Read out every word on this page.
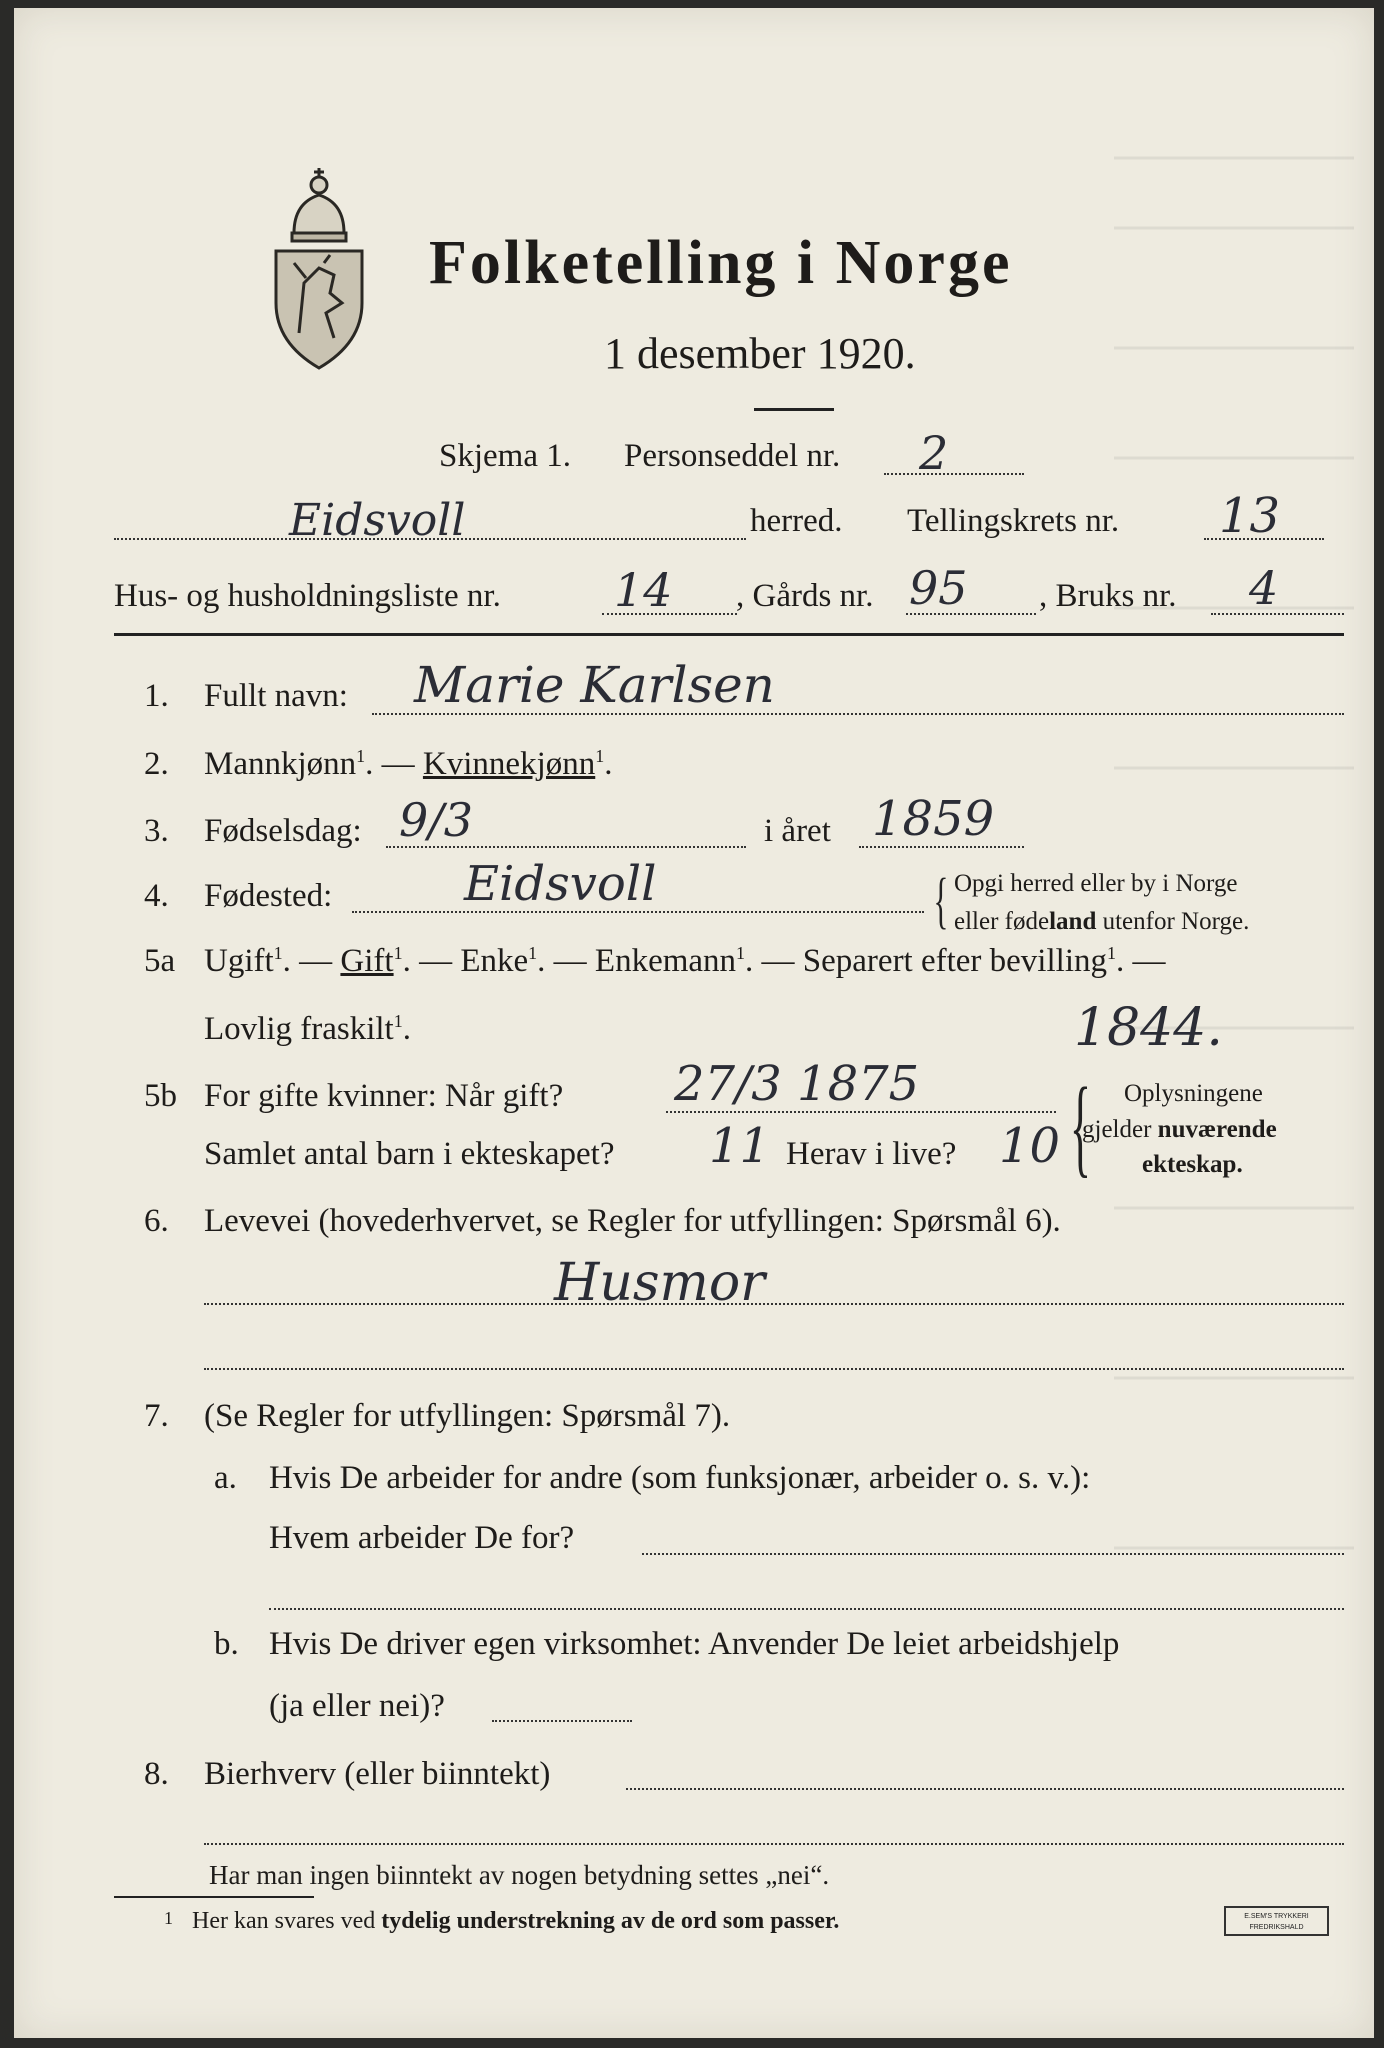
Folketelling i Norge
1 desember 1920.
Skjema 1. Personseddel nr. 2
Eidsvoll	herred. Tellingskrets nr. 13
Hus- og husholdningsliste nr. 14 , Gårds nr. 95 , Bruks nr. 4
1. Fullt navn: Marie Karlsen
2. Mannkjønn$^1$. — Kvinnekjønn$^1$.
3. Fødselsdag: 9/3	i året 1859
4. Fødested:	Eidsvoll	{ Opgi herred eller by i Norge
eller fødeland utenfor Norge.
5a Ugift$^1$. — Gift$^1$. — Enke$^1$. — Enkemann$^1$. — Separert efter bevilling$^1$. —
Lovlig fraskilt$^1$.	1844.
5b For gifte kvinner: Når gift? 27/3 1875
Samlet antal barn i ekteskapet? 11 Herav i live? 10 { Oplysningene
gjelder nuværende
ekteskap.
6. Levevei (hovederhvervet, se Regler for utfyllingen: Spørsmål 6).
Husmor
7. (Se Regler for utfyllingen: Spørsmål 7).
a. Hvis De arbeider for andre (som funksjonær, arbeider o. s. v.):
Hvem arbeider De for?
b. Hvis De driver egen virksomhet: Anvender De leiet arbeidshjelp
(ja eller nei)?
8. Bierhverv (eller biinntekt)
Har man ingen biinntekt av nogen betydning settes „nei“.
1 Her kan svares ved tydelig understrekning av de ord som passer.	E.SEM'S TRYKKERI FREDRIKSHALD
